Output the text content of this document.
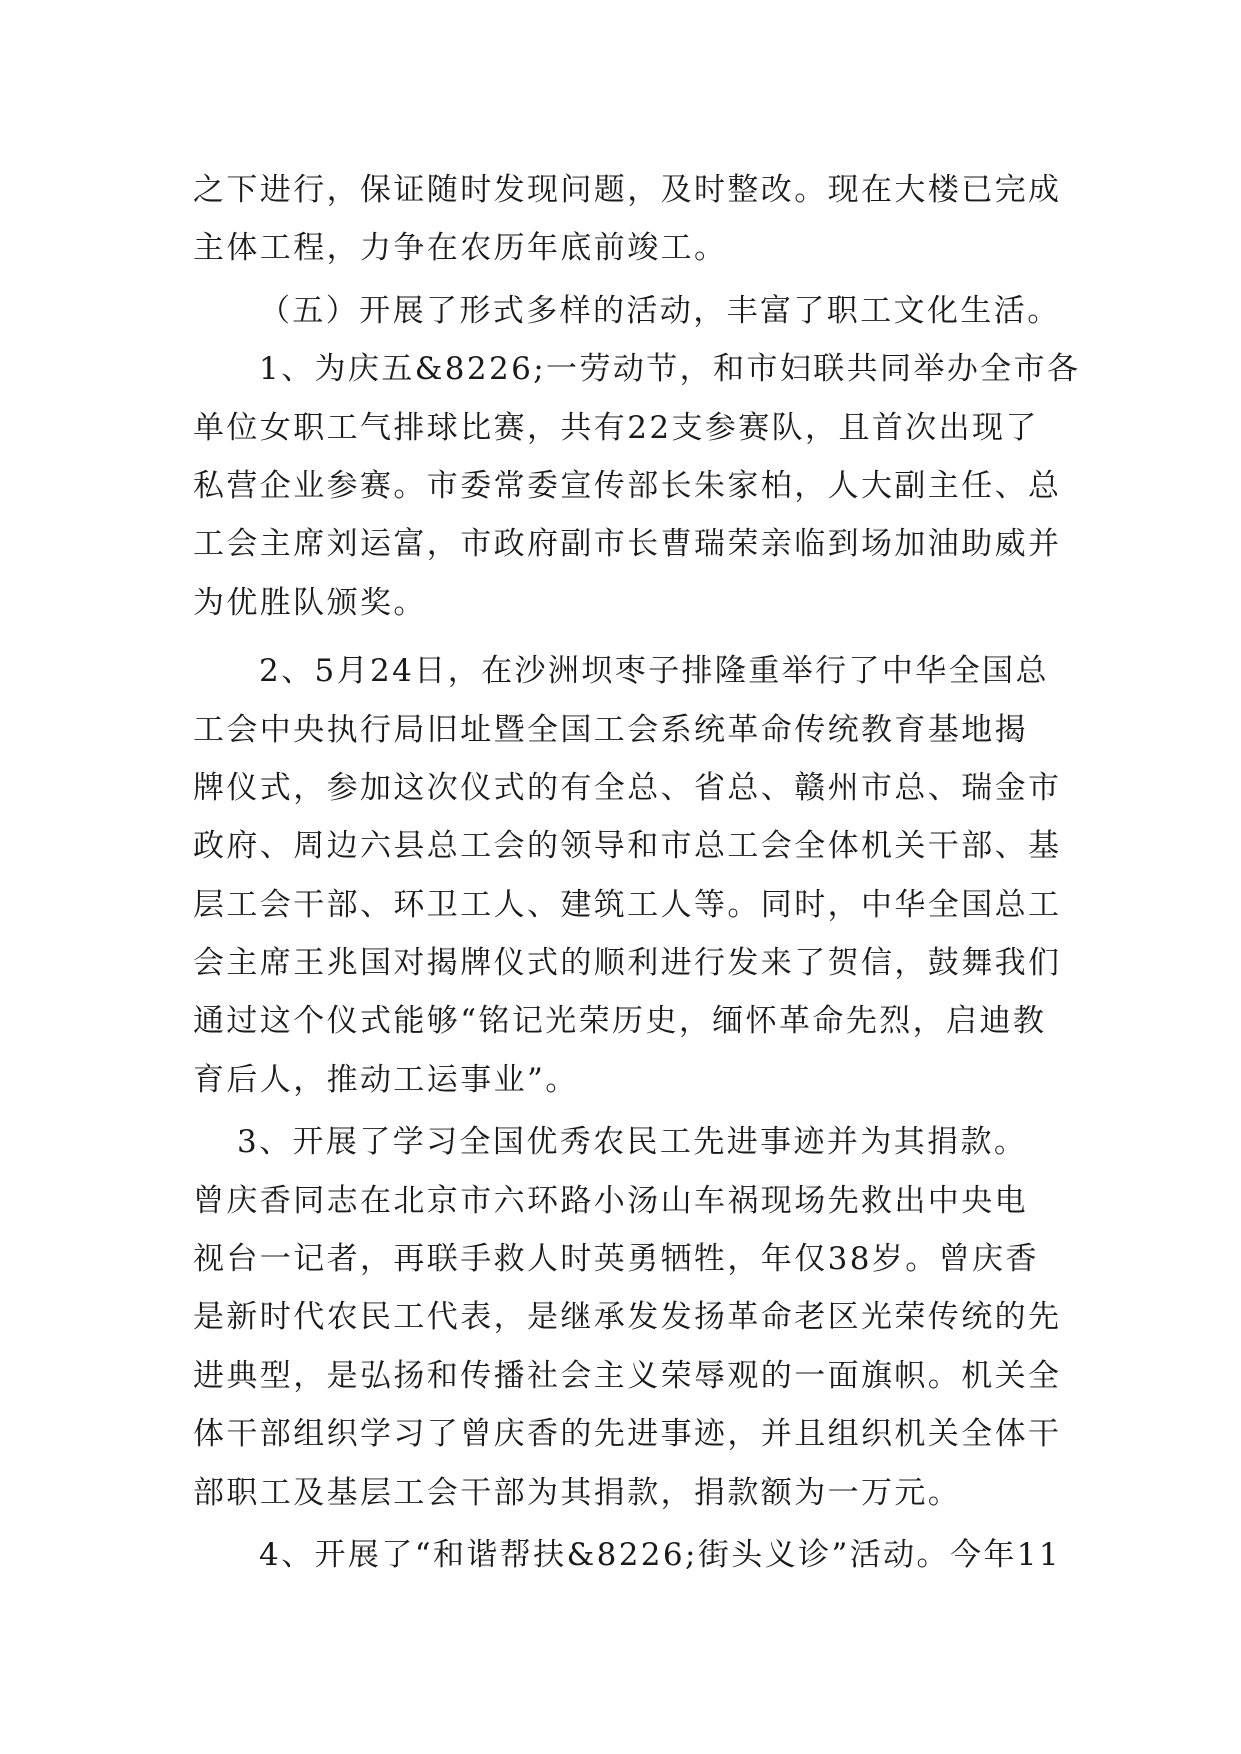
之下进行，保证随时发现问题，及时整改。现在大楼已完成
主体工程，力争在农历年底前竣工。
（五）开展了形式多样的活动，丰富了职工文化生活。
1、为庆五&8226;一劳动节，和市妇联共同举办全市各
单位女职工气排球比赛，共有22支参赛队，且首次出现了
私营企业参赛。市委常委宣传部长朱家柏，人大副主任、总
工会主席刘运富，市政府副市长曹瑞荣亲临到场加油助威并
为优胜队颁奖。
2、5月24日，在沙洲坝枣子排隆重举行了中华全国总
工会中央执行局旧址暨全国工会系统革命传统教育基地揭
牌仪式，参加这次仪式的有全总、省总、赣州市总、瑞金市
政府、周边六县总工会的领导和市总工会全体机关干部、基
层工会干部、环卫工人、建筑工人等。同时，中华全国总工
会主席王兆国对揭牌仪式的顺利进行发来了贺信，鼓舞我们
通过这个仪式能够“铭记光荣历史，缅怀革命先烈，启迪教
育后人，推动工运事业”。
3、开展了学习全国优秀农民工先进事迹并为其捐款。
曾庆香同志在北京市六环路小汤山车祸现场先救出中央电
视台一记者，再联手救人时英勇牺牲，年仅38岁。曾庆香
是新时代农民工代表，是继承发发扬革命老区光荣传统的先
进典型，是弘扬和传播社会主义荣辱观的一面旗帜。机关全
体干部组织学习了曾庆香的先进事迹，并且组织机关全体干
部职工及基层工会干部为其捐款，捐款额为一万元。
4、开展了“和谐帮扶&8226;街头义诊”活动。今年11
